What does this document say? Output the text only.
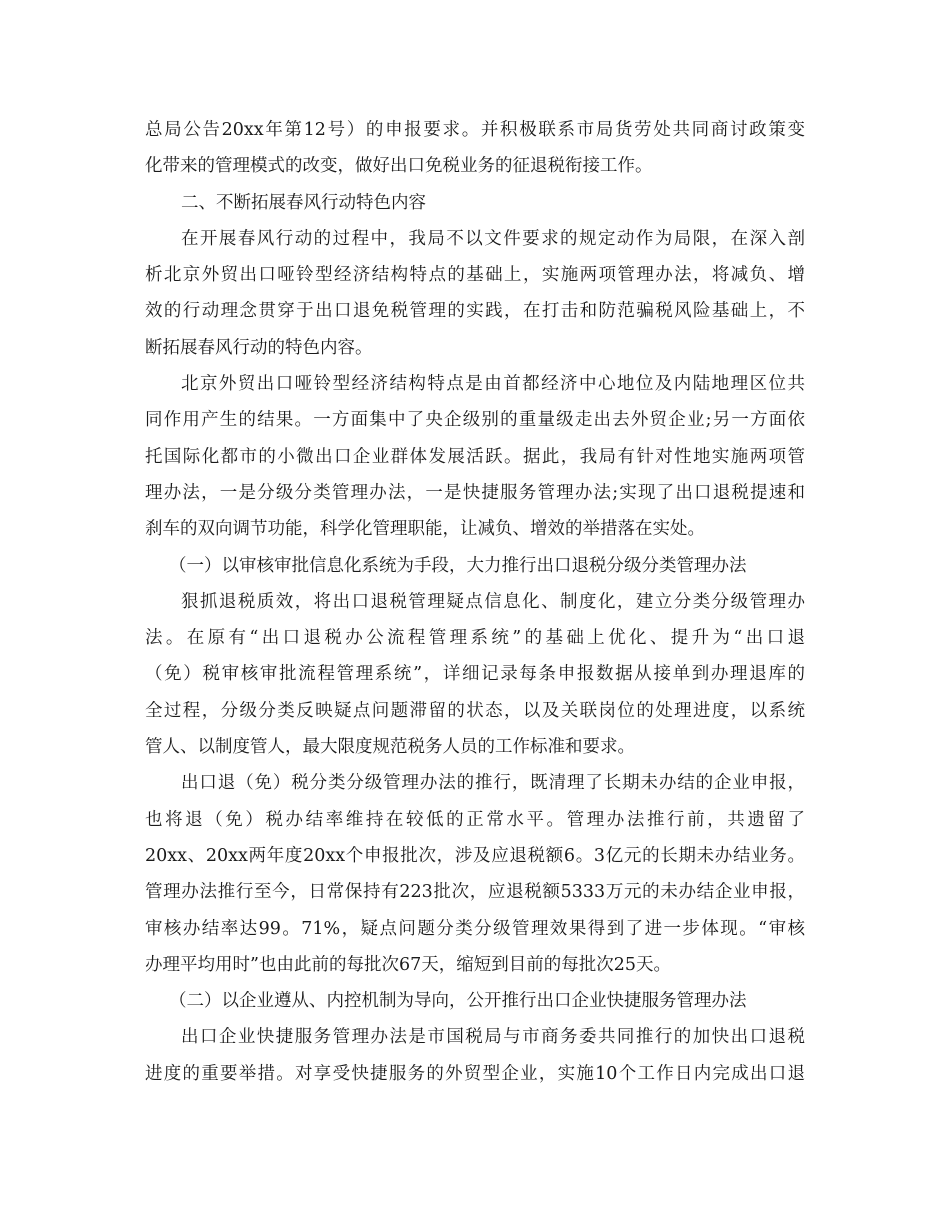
总局公告20xx年第12号）的申报要求。并积极联系市局货劳处共同商讨政策变
化带来的管理模式的改变，做好出口免税业务的征退税衔接工作。
二、不断拓展春风行动特色内容
在开展春风行动的过程中，我局不以文件要求的规定动作为局限，在深入剖
析北京外贸出口哑铃型经济结构特点的基础上，实施两项管理办法，将减负、增
效的行动理念贯穿于出口退免税管理的实践，在打击和防范骗税风险基础上，不
断拓展春风行动的特色内容。
北京外贸出口哑铃型经济结构特点是由首都经济中心地位及内陆地理区位共
同作用产生的结果。一方面集中了央企级别的重量级走出去外贸企业;另一方面依
托国际化都市的小微出口企业群体发展活跃。据此，我局有针对性地实施两项管
理办法，一是分级分类管理办法，一是快捷服务管理办法;实现了出口退税提速和
刹车的双向调节功能，科学化管理职能，让减负、增效的举措落在实处。
（一）以审核审批信息化系统为手段，大力推行出口退税分级分类管理办法
狠抓退税质效，将出口退税管理疑点信息化、制度化，建立分类分级管理办
法。在原有“出口退税办公流程管理系统”的基础上优化、提升为“出口退
（免）税审核审批流程管理系统”，详细记录每条申报数据从接单到办理退库的
全过程，分级分类反映疑点问题滞留的状态，以及关联岗位的处理进度，以系统
管人、以制度管人，最大限度规范税务人员的工作标准和要求。
出口退（免）税分类分级管理办法的推行，既清理了长期未办结的企业申报，
也将退（免）税办结率维持在较低的正常水平。管理办法推行前，共遗留了
20xx、20xx两年度20xx个申报批次，涉及应退税额6。3亿元的长期未办结业务。
管理办法推行至今，日常保持有223批次，应退税额5333万元的未办结企业申报，
审核办结率达99。71%，疑点问题分类分级管理效果得到了进一步体现。“审核
办理平均用时”也由此前的每批次67天，缩短到目前的每批次25天。
（二）以企业遵从、内控机制为导向，公开推行出口企业快捷服务管理办法
出口企业快捷服务管理办法是市国税局与市商务委共同推行的加快出口退税
进度的重要举措。对享受快捷服务的外贸型企业，实施10个工作日内完成出口退
